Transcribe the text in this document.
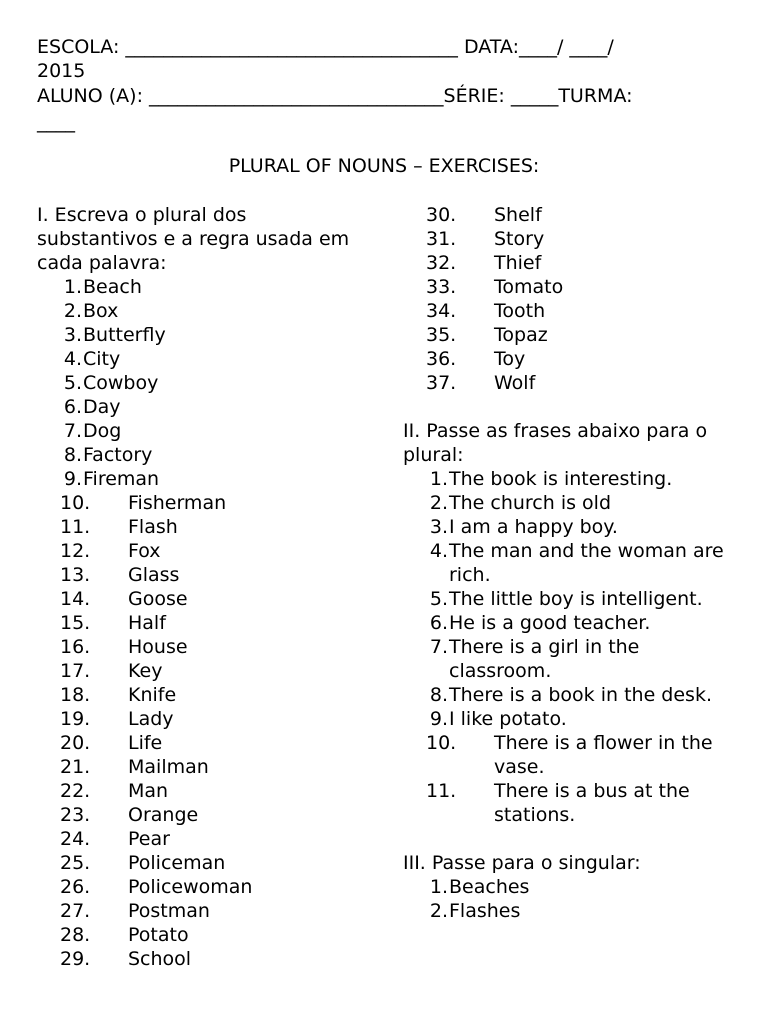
ESCOLA: ___________________________________ DATA:____/ ____/
2015
ALUNO (A): _______________________________SÉRIE: _____TURMA:
____
PLURAL OF NOUNS – EXERCISES:

I. Escreva o plural dos substantivos e a regra usada em cada palavra:

1. Beach
2. Box
3. Butterfly
4. City
5. Cowboy
6. Day
7. Dog
8. Factory
9. Fireman
10.	Fisherman
11.	Flash
12.	Fox
13.	Glass
14.	Goose
15.	Half
16.	House
17.	Key
18.	Knife
19.	Lady
20.	Life
21.	Mailman
22.	Man
23.	Orange
24.	Pear
25.	Policeman
26.	Policewoman
27.	Postman
28.	Potato
29.	School
30.	Shelf
31.	Story
32.	Thief
33.	Tomato
34.	Tooth
35.	Topaz
36.	Toy
37.	Wolf

II. Passe as frases abaixo para o plural:

1. The book is interesting.
2. The church is old
3. I am a happy boy.
4. The man and the woman are rich.
5. The little boy is intelligent.
6. He is a good teacher.
7. There is a girl in the classroom.
8. There is a book in the desk.
9. I like potato.
10.	There is a flower in the vase.
11.	There is a bus at the stations.

III. Passe para o singular:

1. Beaches
2. Flashes
